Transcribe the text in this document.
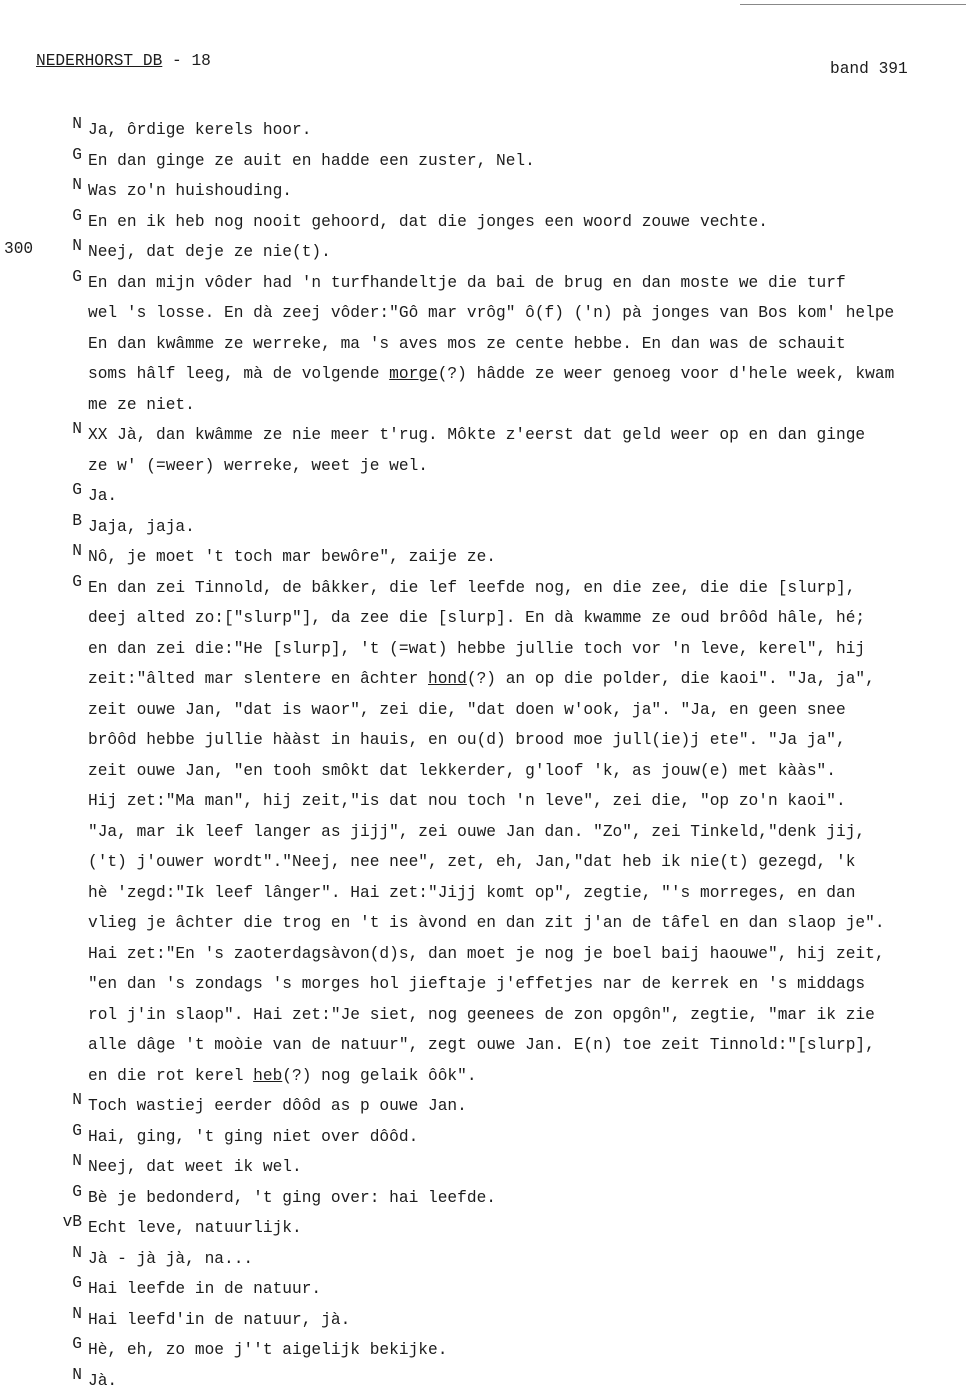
NEDERHORST DB - 18	band 391
300
N Ja, ôrdige kerels hoor.
G En dan ginge ze auit en hadde een zuster, Nel.
N Was zo'n huishouding.
G En en ik heb nog nooit gehoord, dat die jonges een woord zouwe vechte.
N Neej, dat deje ze nie(t).
G En dan mijn vôder had 'n turfhandeltje da bai de brug en dan moste we die turf
wel 's losse. En dà zeej vôder:"Gô mar vrôg" ô(f) ('n) pà jonges van Bos kom' helpe
En dan kwâmme ze werreke, ma 's aves mos ze cente hebbe. En dan was de schauit
soms hâlf leeg, mà de volgende morge(?) hâdde ze weer genoeg voor d'hele week, kwam
me ze niet.
N XX Jà, dan kwâmme ze nie meer t'rug. Môkte z'eerst dat geld weer op en dan ginge
ze w' (=weer) werreke, weet je wel.
G Ja.
B Jaja, jaja.
N Nô, je moet 't toch mar bewôre", zaije ze.
G En dan zei Tinnold, de bâkker, die lef leefde nog, en die zee, die die [slurp],
deej alted zo:["slurp"], da zee die [slurp]. En dà kwamme ze oud brôôd hâle, hé;
en dan zei die:"He [slurp], 't (=wat) hebbe jullie toch vor 'n leve, kerel", hij
zeit:"âlted mar slentere en âchter hond(?) an op die polder, die kaoi". "Ja, ja",
zeit ouwe Jan, "dat is waor", zei die, "dat doen w'ook, ja". "Ja, en geen snee
brôôd hebbe jullie hààst in hauis, en ou(d) brood moe jull(ie)j ete". "Ja ja",
zeit ouwe Jan, "en tooh smôkt dat lekkerder, g'loof 'k, as jouw(e) met kààs".
Hij zet:"Ma man", hij zeit,"is dat nou toch 'n leve", zei die, "op zo'n kaoi".
"Ja, mar ik leef langer as jijj", zei ouwe Jan dan. "Zo", zei Tinkeld,"denk jij,
('t) j'ouwer wordt"."Neej, nee nee", zet, eh, Jan,"dat heb ik nie(t) gezegd, 'k
hè 'zegd:"Ik leef lânger". Hai zet:"Jijj komt op", zegtie, "'s morreges, en dan
vlieg je âchter die trog en 't is àvond en dan zit j'an de tâfel en dan slaop je".
Hai zet:"En 's zaoterdagsàvon(d)s, dan moet je nog je boel baij haouwe", hij zeit,
"en dan 's zondags 's morges hol jieftaje j'effetjes nar de kerrek en 's middags
rol j'in slaop". Hai zet:"Je siet, nog geenees de zon opgôn", zegtie, "mar ik zie
alle dâge 't moòie van de natuur", zegt ouwe Jan. E(n) toe zeit Tinnold:"[slurp],
en die rot kerel heb(?) nog gelaik ôôk".
N Toch wastiej eerder dôôd as p ouwe Jan.
G Hai, ging, 't ging niet over dôôd.
N Neej, dat weet ik wel.
G Bè je bedonderd, 't ging over: hai leefde.
vB Echt leve, natuurlijk.
N Jà - jà jà, na...
G Hai leefde in de natuur.
N Hai leefd'in de natuur, jà.
G Hè, eh, zo moe j''t aigelijk bekijke.
N Jà.
